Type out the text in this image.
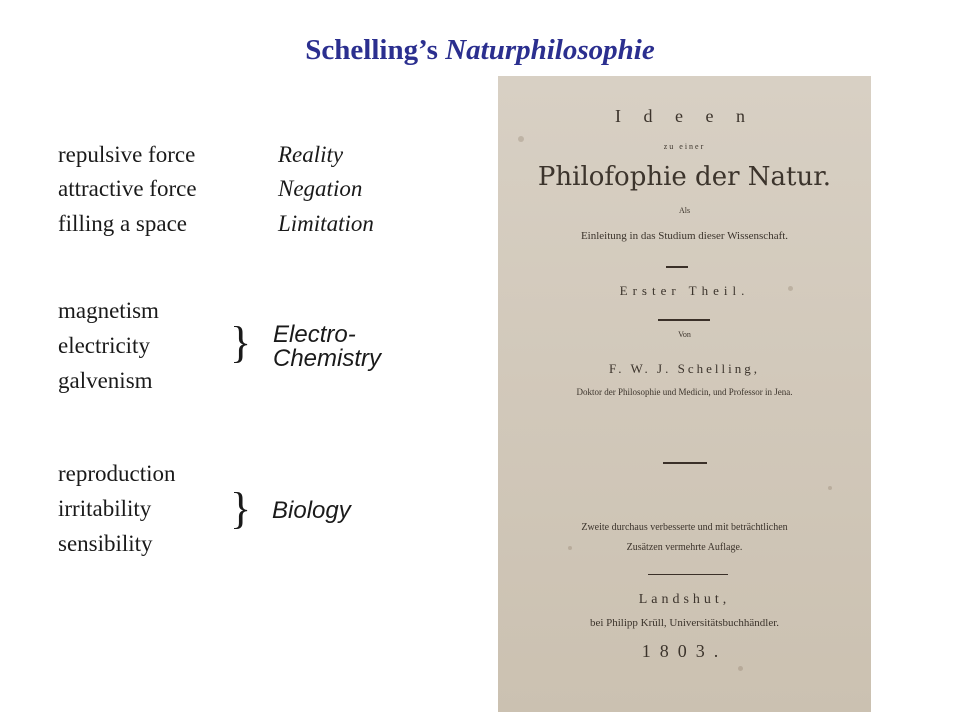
Schelling’s Naturphilosophie
repulsive force	Reality
attractive force	Negation
filling a space	Limitation
magnetism
electricity
galvenism
} Electro-
Chemistry
reproduction
irritability
sensibility
} Biology
I d e e n
zu einer
Philofophie der Natur.
Als
Einleitung in das Studium dieser Wissenschaft.
Erster Theil.
Von
F. W. J. Schelling,
Doktor der Philosophie und Medicin, und Professor in Jena.
Zweite durchaus verbesserte und mit beträchtlichen
Zusätzen vermehrte Auflage.
Landshut,
bei Philipp Krüll, Universitätsbuchhändler.
1803.
